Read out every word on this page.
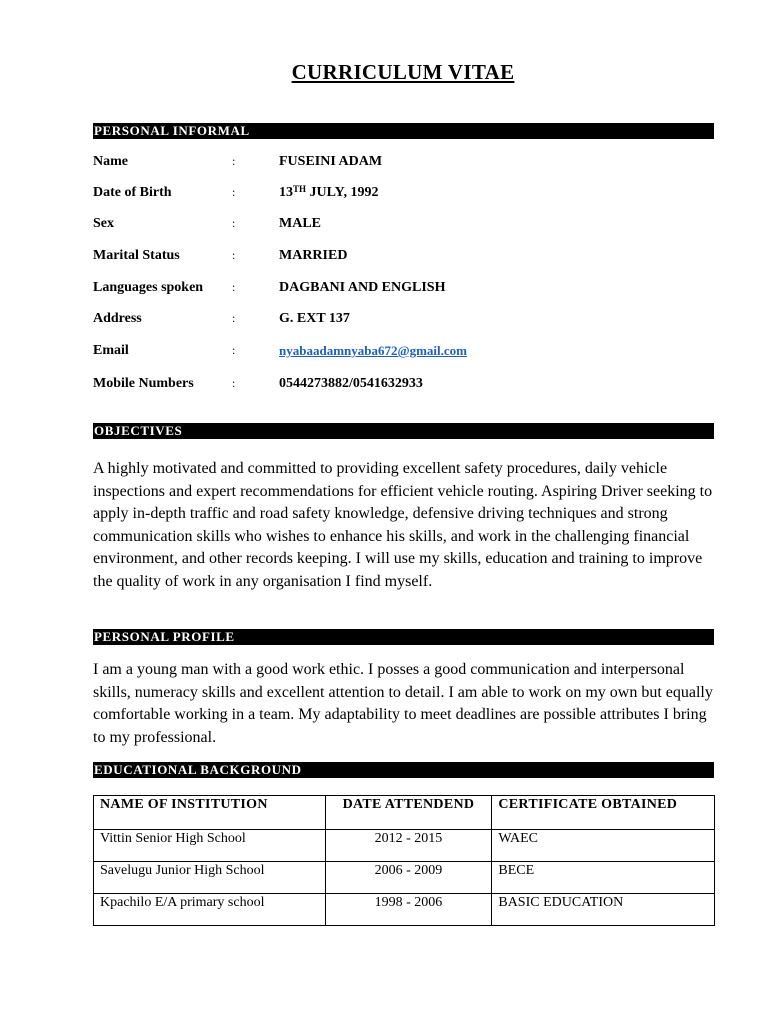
CURRICULUM VITAE
PERSONAL INFORMAL
Name	:	FUSEINI ADAM
Date of Birth	:	13TH JULY, 1992
Sex	:	MALE
Marital Status	:	MARRIED
Languages spoken :	DAGBANI AND ENGLISH
Address	:	G. EXT 137
Email	:	nyabaadamnyaba672@gmail.com
Mobile Numbers	:	0544273882/0541632933
OBJECTIVES

A highly motivated and committed to providing excellent safety procedures, daily vehicle inspections and expert recommendations for efficient vehicle routing. Aspiring Driver seeking to apply in-depth traffic and road safety knowledge, defensive driving techniques and strong communication skills who wishes to enhance his skills, and work in the challenging financial environment, and other records keeping. I will use my skills, education and training to improve the quality of work in any organisation I find myself.

PERSONAL PROFILE

I am a young man with a good work ethic. I posses a good communication and interpersonal skills, numeracy skills and excellent attention to detail. I am able to work on my own but equally comfortable working in a team. My adaptability to meet deadlines are possible attributes I bring to my professional.

EDUCATIONAL BACKGROUND
NAME OF INSTITUTION	DATE ATTENDEND	CERTIFICATE OBTAINED
Vittin Senior High School	2012 - 2015	WAEC
Savelugu Junior High School	2006 - 2009	BECE
Kpachilo E/A primary school	1998 - 2006	BASIC EDUCATION
